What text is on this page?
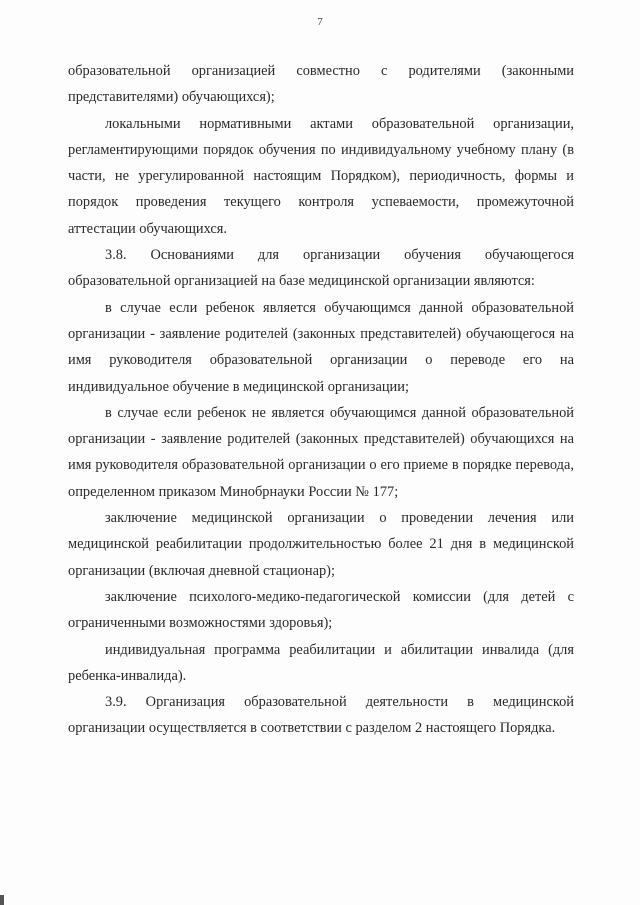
7

образовательной организацией совместно с родителями (законными представителями) обучающихся);

локальными нормативными актами образовательной организации, регламентирующими порядок обучения по индивидуальному учебному плану (в части, не урегулированной настоящим Порядком), периодичность, формы и порядок проведения текущего контроля успеваемости, промежуточной аттестации обучающихся.

3.8. Основаниями для организации обучения обучающегося образовательной организацией на базе медицинской организации являются:

в случае если ребенок является обучающимся данной образовательной организации - заявление родителей (законных представителей) обучающегося на имя руководителя образовательной организации о переводе его на индивидуальное обучение в медицинской организации;

в случае если ребенок не является обучающимся данной образовательной организации - заявление родителей (законных представителей) обучающихся на имя руководителя образовательной организации о его приеме в порядке перевода, определенном приказом Минобрнауки России № 177;

заключение медицинской организации о проведении лечения или медицинской реабилитации продолжительностью более 21 дня в медицинской организации (включая дневной стационар);

заключение психолого-медико-педагогической комиссии (для детей с ограниченными возможностями здоровья);

индивидуальная программа реабилитации и абилитации инвалида (для ребенка-инвалида).

3.9. Организация образовательной деятельности в медицинской организации осуществляется в соответствии с разделом 2 настоящего Порядка.
